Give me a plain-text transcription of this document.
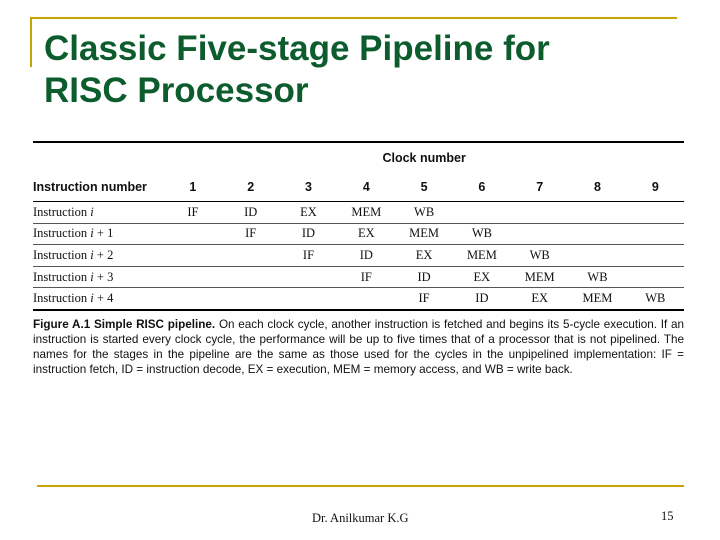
Classic Five-stage Pipeline for
RISC Processor
	Clock number								
Instruction number	1	2	3	4	5	6	7	8	9
Instruction i	IF	ID	EX	MEM	WB				
Instruction i + 1		IF	ID	EX	MEM	WB			
Instruction i + 2			IF	ID	EX	MEM	WB		
Instruction i + 3				IF	ID	EX	MEM	WB	
Instruction i + 4					IF	ID	EX	MEM	WB
Figure A.1 Simple RISC pipeline. On each clock cycle, another instruction is fetched and begins its 5-cycle execution. If an instruction is started every clock cycle, the performance will be up to five times that of a processor that is not pipelined. The names for the stages in the pipeline are the same as those used for the cycles in the unpipelined implementation: IF = instruction fetch, ID = instruction decode, EX = execution, MEM = memory access, and WB = write back.
Dr. Anilkumar K.G	15
